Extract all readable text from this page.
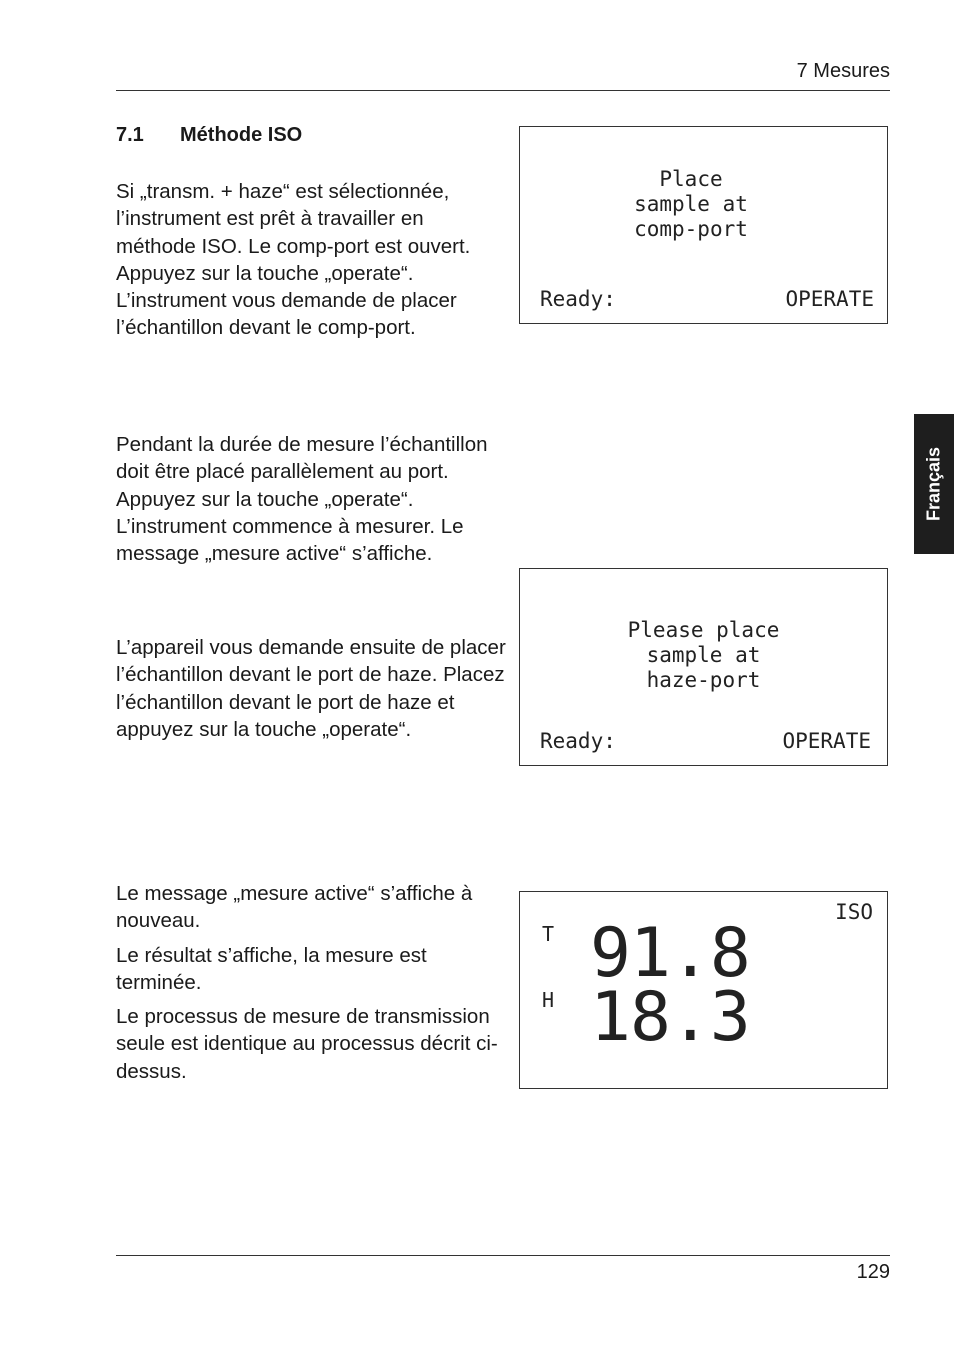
7 Mesures
7.1 Méthode ISO

Si „transm. + haze“ est sélectionnée, l’instrument est prêt à travailler en méthode ISO. Le comp-port est ouvert. Appuyez sur la touche „operate“. L’instrument vous demande de placer l’échantillon devant le comp-port.

Pendant la durée de mesure l’échantillon doit être placé parallèlement au port. Appuyez sur la touche „operate“. L’instrument commence à mesurer. Le message „mesure active“ s’affiche.

L’appareil vous demande ensuite de placer l’échantillon devant le port de haze. Placez l’échantillon devant le port de haze et appuyez sur la touche „operate“.

Le message „mesure active“ s’affiche à nouveau.

Le résultat s’affiche, la mesure est terminée.

Le processus de mesure de transmission seule est identique au processus décrit ci-dessus.

Place
sample at
comp-port
Ready:	OPERATE
Please place
sample at
haze-port
Ready:	OPERATE
ISO
T 91.8
H 18.3
Français
129
